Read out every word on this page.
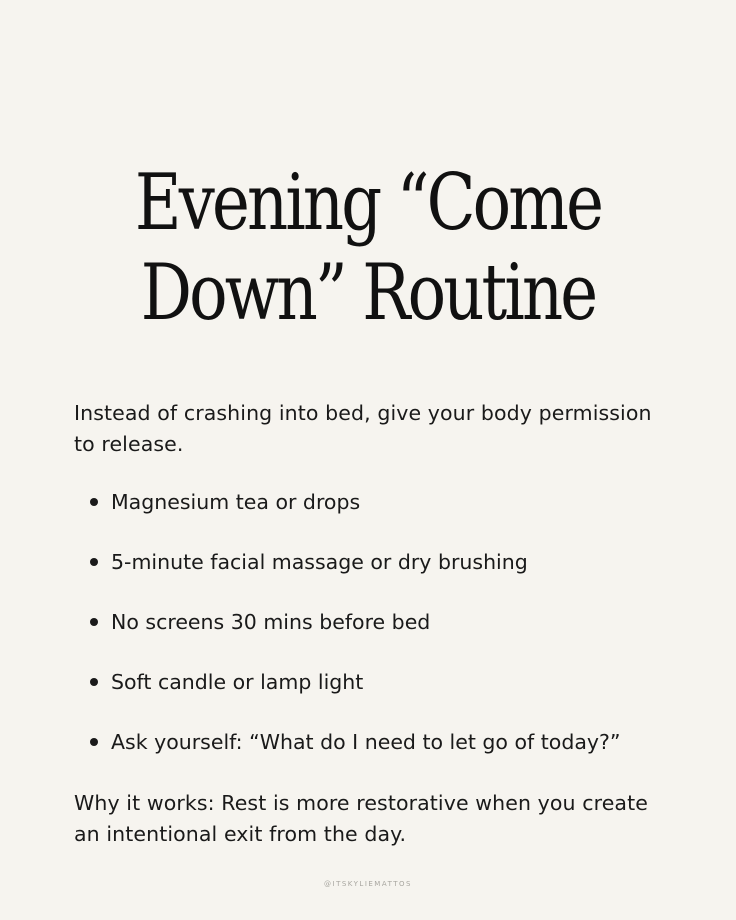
Evening “Come
Down” Routine

Instead of crashing into bed, give your body permission to release.

Magnesium tea or drops
5-minute facial massage or dry brushing
No screens 30 mins before bed
Soft candle or lamp light
Ask yourself: “What do I need to let go of today?”

Why it works: Rest is more restorative when you create an intentional exit from the day.

@ITSKYLIEMATTOS
